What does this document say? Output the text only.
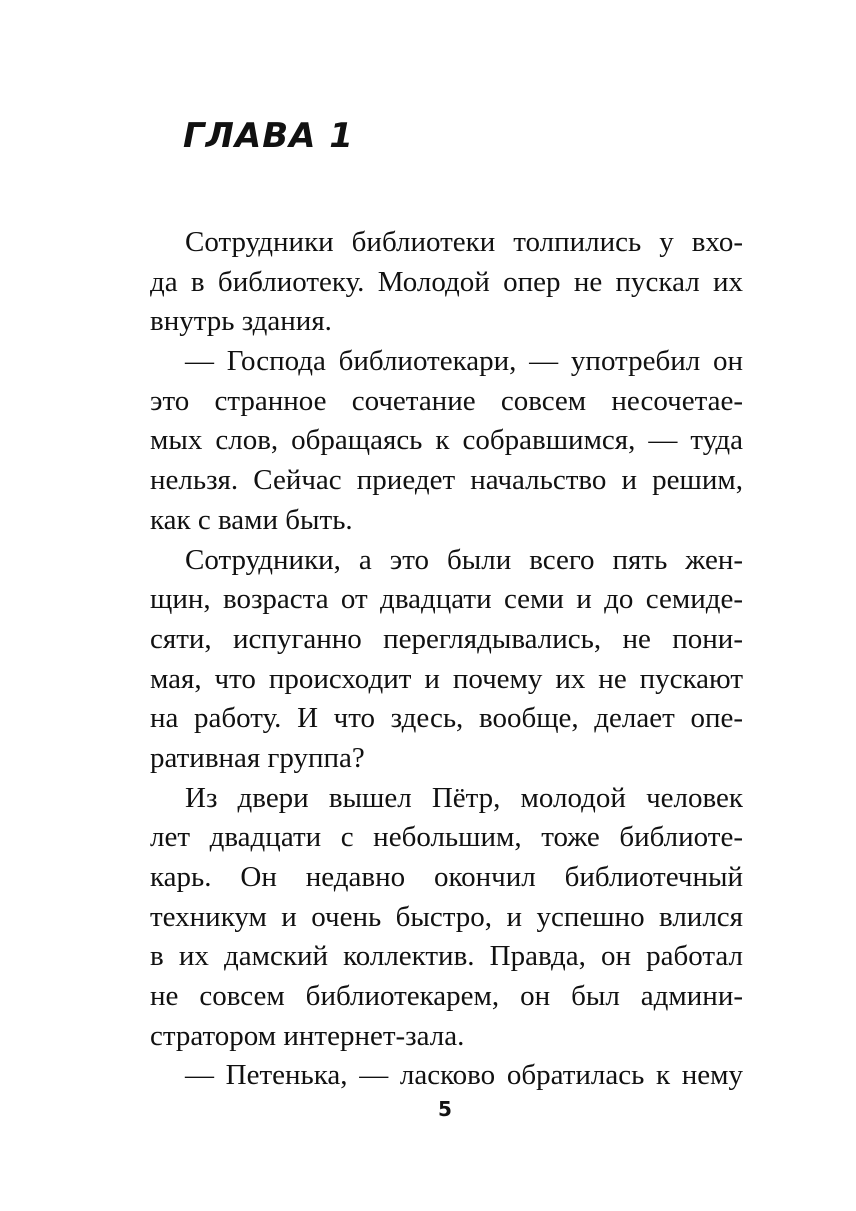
ГЛАВА 1
Сотрудники библиотеки толпились у вхо-
да в библиотеку. Молодой опер не пускал их
внутрь здания.
— Господа библиотекари, — употребил он
это странное сочетание совсем несочетае-
мых слов, обращаясь к собравшимся, — туда
нельзя. Сейчас приедет начальство и решим,
как с вами быть.
Сотрудники, а это были всего пять жен-
щин, возраста от двадцати семи и до семиде-
сяти, испуганно переглядывались, не пони-
мая, что происходит и почему их не пускают
на работу. И что здесь, вообще, делает опе-
ративная группа?
Из двери вышел Пётр, молодой человек
лет двадцати с небольшим, тоже библиоте-
карь. Он недавно окончил библиотечный
техникум и очень быстро, и успешно влился
в их дамский коллектив. Правда, он работал
не совсем библиотекарем, он был админи-
стратором интернет-зала.
— Петенька, — ласково обратилась к нему
5
